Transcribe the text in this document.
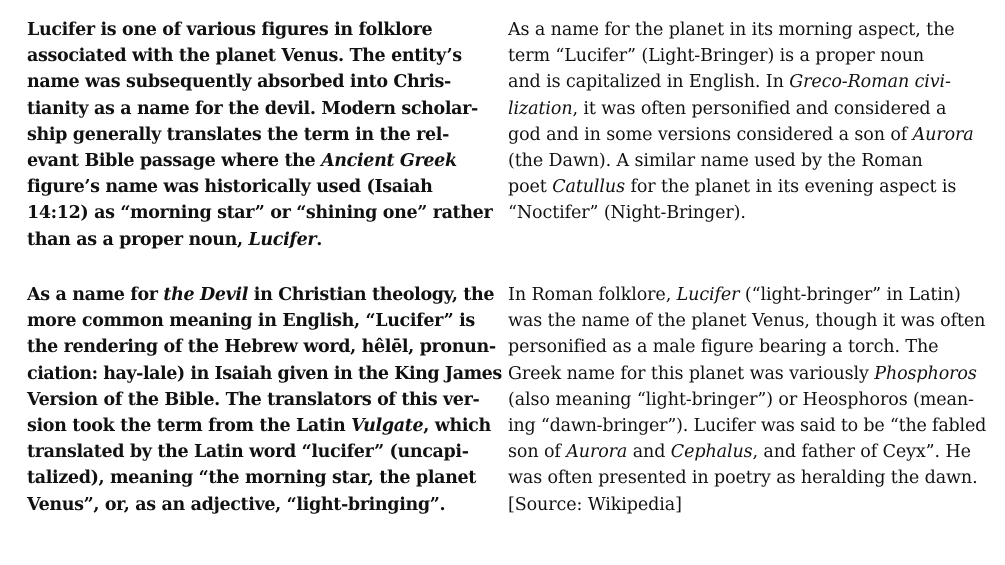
Lucifer is one of various figures in folklore
associated with the planet Venus. The entity’s
name was subsequently absorbed into Chris-
tianity as a name for the devil. Modern scholar-
ship generally translates the term in the rel-
evant Bible passage where the Ancient Greek
figure’s name was historically used (Isaiah
14:12) as “morning star” or “shining one” rather
than as a proper noun, Lucifer.

As a name for the planet in its morning aspect, the
term “Lucifer” (Light-Bringer) is a proper noun
and is capitalized in English. In Greco-Roman civi-
lization, it was often personified and considered a
god and in some versions considered a son of Aurora
(the Dawn). A similar name used by the Roman
poet Catullus for the planet in its evening aspect is
“Noctifer” (Night-Bringer).

As a name for the Devil in Christian theology, the
more common meaning in English, “Lucifer” is
the rendering of the Hebrew word, hêlēl, pronun-
ciation: hay-lale) in Isaiah given in the King James
Version of the Bible. The translators of this ver-
sion took the term from the Latin Vulgate, which
translated by the Latin word “lucifer” (uncapi-
talized), meaning “the morning star, the planet
Venus”, or, as an adjective, “light-bringing”.

In Roman folklore, Lucifer (“light-bringer” in Latin)
was the name of the planet Venus, though it was often
personified as a male figure bearing a torch. The
Greek name for this planet was variously Phosphoros
(also meaning “light-bringer”) or Heosphoros (mean-
ing “dawn-bringer”). Lucifer was said to be “the fabled
son of Aurora and Cephalus, and father of Ceyx”. He
was often presented in poetry as heralding the dawn.
[Source: Wikipedia]
